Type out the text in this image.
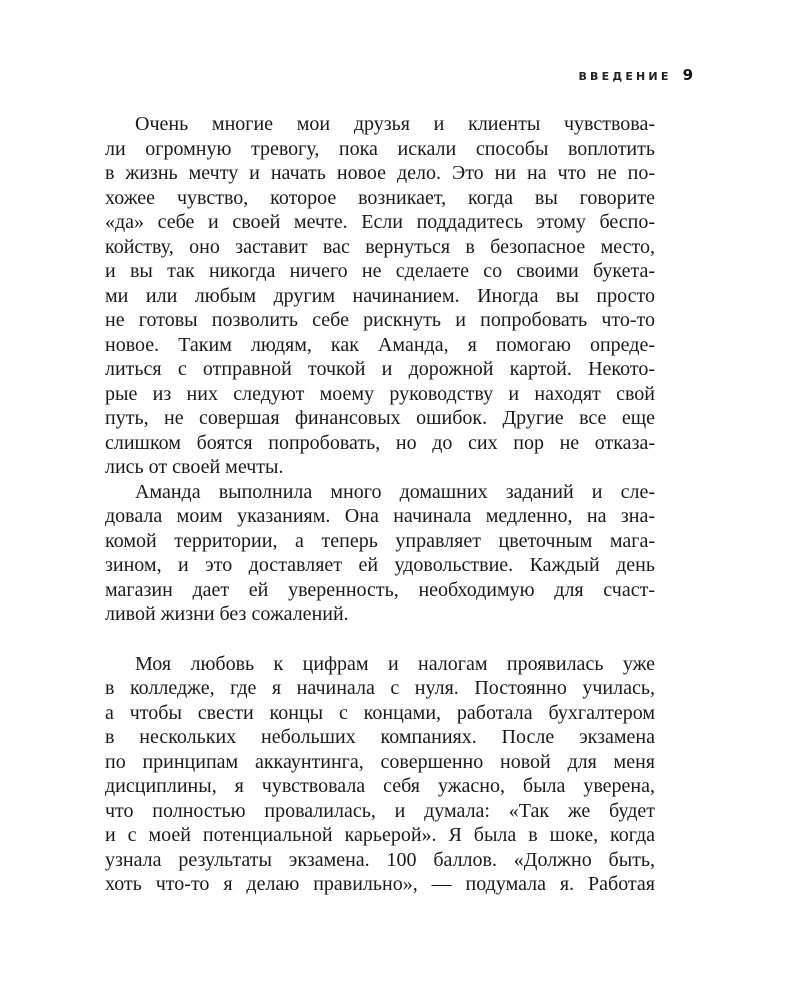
ВВЕДЕНИЕ 9
Очень многие мои друзья и клиенты чувствова-
ли огромную тревогу, пока искали способы воплотить
в жизнь мечту и начать новое дело. Это ни на что не по-
хожее чувство, которое возникает, когда вы говорите
«да» себе и своей мечте. Если поддадитесь этому беспо-
койству, оно заставит вас вернуться в безопасное место,
и вы так никогда ничего не сделаете со своими букета-
ми или любым другим начинанием. Иногда вы просто
не готовы позволить себе рискнуть и попробовать что-то
новое. Таким людям, как Аманда, я помогаю опреде-
литься с отправной точкой и дорожной картой. Некото-
рые из них следуют моему руководству и находят свой
путь, не совершая финансовых ошибок. Другие все еще
слишком боятся попробовать, но до сих пор не отказа-
лись от своей мечты.
Аманда выполнила много домашних заданий и сле-
довала моим указаниям. Она начинала медленно, на зна-
комой территории, а теперь управляет цветочным мага-
зином, и это доставляет ей удовольствие. Каждый день
магазин дает ей уверенность, необходимую для счаст-
ливой жизни без сожалений.
Моя любовь к цифрам и налогам проявилась уже
в колледже, где я начинала с нуля. Постоянно училась,
а чтобы свести концы с концами, работала бухгалтером
в нескольких небольших компаниях. После экзамена
по принципам аккаунтинга, совершенно новой для меня
дисциплины, я чувствовала себя ужасно, была уверена,
что полностью провалилась, и думала: «Так же будет
и с моей потенциальной карьерой». Я была в шоке, когда
узнала результаты экзамена. 100 баллов. «Должно быть,
хоть что-то я делаю правильно», — подумала я. Работая
